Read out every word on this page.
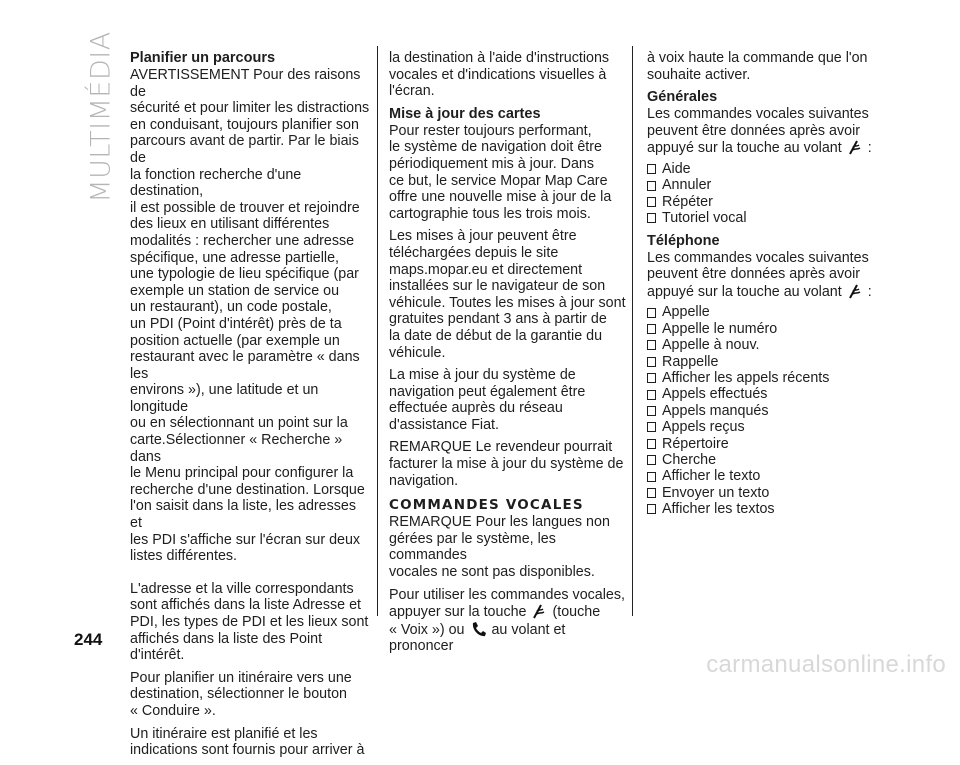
MULTIMÉDIA Planifier un parcours

AVERTISSEMENT Pour des raisons de
sécurité et pour limiter les distractions
en conduisant, toujours planifier son
parcours avant de partir. Par le biais de
la fonction recherche d'une destination,
il est possible de trouver et rejoindre
des lieux en utilisant différentes
modalités : rechercher une adresse
spécifique, une adresse partielle,
une typologie de lieu spécifique (par
exemple un station de service ou
un restaurant), un code postale,
un PDI (Point d'intérêt) près de ta
position actuelle (par exemple un
restaurant avec le paramètre « dans les
environs »), une latitude et un longitude
ou en sélectionnant un point sur la
carte.Sélectionner « Recherche » dans
le Menu principal pour configurer la
recherche d'une destination. Lorsque
l'on saisit dans la liste, les adresses et
les PDI s'affiche sur l'écran sur deux
listes différentes.

L'adresse et la ville correspondants
sont affichés dans la liste Adresse et
PDI, les types de PDI et les lieux sont
affichés dans la liste des Point d'intérêt.

Pour planifier un itinéraire vers une
destination, sélectionner le bouton
« Conduire ».

Un itinéraire est planifié et les
indications sont fournis pour arriver à

la destination à l'aide d'instructions
vocales et d'indications visuelles à
l'écran.

Mise à jour des cartes

Pour rester toujours performant,
le système de navigation doit être
périodiquement mis à jour. Dans
ce but, le service Mopar Map Care
offre une nouvelle mise à jour de la
cartographie tous les trois mois.

Les mises à jour peuvent être
téléchargées depuis le site
maps.mopar.eu et directement
installées sur le navigateur de son
véhicule. Toutes les mises à jour sont
gratuites pendant 3 ans à partir de
la date de début de la garantie du
véhicule.

La mise à jour du système de
navigation peut également être
effectuée auprès du réseau
d'assistance Fiat.

REMARQUE Le revendeur pourrait
facturer la mise à jour du système de
navigation.

COMMANDES VOCALES

REMARQUE Pour les langues non
gérées par le système, les commandes
vocales ne sont pas disponibles.

Pour utiliser les commandes vocales,
appuyer sur la touche (touche
« Voix ») ou au volant et prononcer

à voix haute la commande que l'on
souhaite activer.

Générales

Les commandes vocales suivantes
peuvent être données après avoir
appuyé sur la touche au volant :

Aide
Annuler
Répéter
Tutoriel vocal
Téléphone

Les commandes vocales suivantes
peuvent être données après avoir
appuyé sur la touche au volant :

Appelle
Appelle le numéro
Appelle à nouv.
Rappelle
Afficher les appels récents
Appels effectués
Appels manqués
Appels reçus
Répertoire
Cherche
Afficher le texto
Envoyer un texto
Afficher les textos
244
carmanualsonline.info
